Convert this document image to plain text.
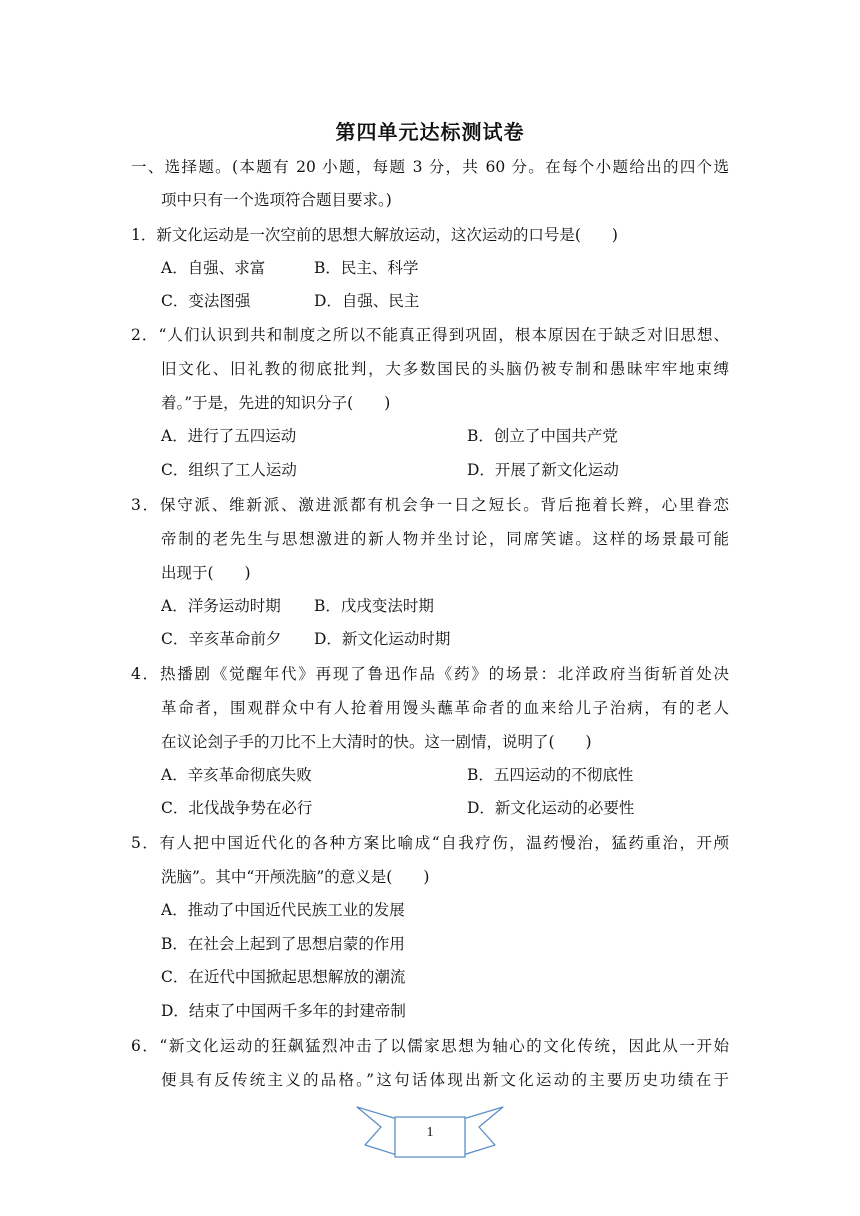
第四单元达标测试卷
一、选择题。(本题有 20 小题，每题 3 分，共 60 分。在每个小题给出的四个选
项中只有一个选项符合题目要求。)
1．新文化运动是一次空前的思想大解放运动，这次运动的口号是(　　)
A．自强、求富	B．民主、科学
C．变法图强	D．自强、民主
2．“人们认识到共和制度之所以不能真正得到巩固，根本原因在于缺乏对旧思想、
旧文化、旧礼教的彻底批判，大多数国民的头脑仍被专制和愚昧牢牢地束缚
着。”于是，先进的知识分子(　　)
A．进行了五四运动	B．创立了中国共产党
C．组织了工人运动	D．开展了新文化运动
3．保守派、维新派、激进派都有机会争一日之短长。背后拖着长辫，心里眷恋
帝制的老先生与思想激进的新人物并坐讨论，同席笑谑。这样的场景最可能
出现于(　　)
A．洋务运动时期 B．戊戌变法时期
C．辛亥革命前夕 D．新文化运动时期
4．热播剧《觉醒年代》再现了鲁迅作品《药》的场景：北洋政府当街斩首处决
革命者，围观群众中有人抢着用馒头蘸革命者的血来给儿子治病，有的老人
在议论刽子手的刀比不上大清时的快。这一剧情，说明了(　　)
A．辛亥革命彻底失败	B．五四运动的不彻底性
C．北伐战争势在必行	D．新文化运动的必要性
5．有人把中国近代化的各种方案比喻成“自我疗伤，温药慢治，猛药重治，开颅
洗脑”。其中“开颅洗脑”的意义是(　　)
A．推动了中国近代民族工业的发展
B．在社会上起到了思想启蒙的作用
C．在近代中国掀起思想解放的潮流
D．结束了中国两千多年的封建帝制
6．“新文化运动的狂飙猛烈冲击了以儒家思想为轴心的文化传统，因此从一开始
便具有反传统主义的品格。”这句话体现出新文化运动的主要历史功绩在于
1
